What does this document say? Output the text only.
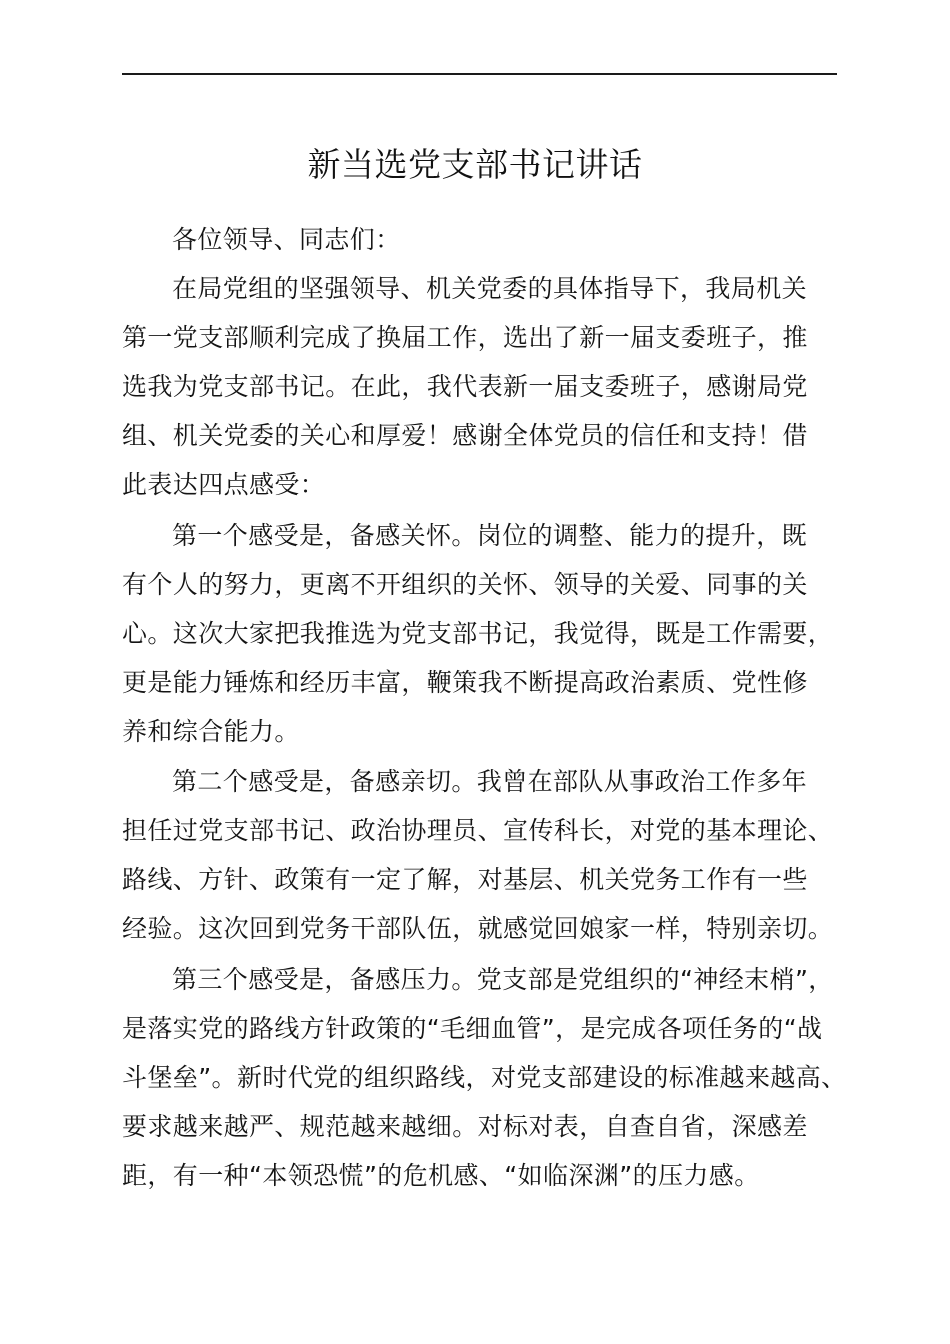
新当选党支部书记讲话
各位领导、同志们：
在局党组的坚强领导、机关党委的具体指导下，我局机关
第一党支部顺利完成了换届工作，选出了新一届支委班子，推
选我为党支部书记。在此，我代表新一届支委班子，感谢局党
组、机关党委的关心和厚爱！感谢全体党员的信任和支持！借
此表达四点感受：
第一个感受是，备感关怀。岗位的调整、能力的提升，既
有个人的努力，更离不开组织的关怀、领导的关爱、同事的关
心。这次大家把我推选为党支部书记，我觉得，既是工作需要，
更是能力锤炼和经历丰富，鞭策我不断提高政治素质、党性修
养和综合能力。
第二个感受是，备感亲切。我曾在部队从事政治工作多年
担任过党支部书记、政治协理员、宣传科长，对党的基本理论、
路线、方针、政策有一定了解，对基层、机关党务工作有一些
经验。这次回到党务干部队伍，就感觉回娘家一样，特别亲切。
第三个感受是，备感压力。党支部是党组织的“神经末梢”，
是落实党的路线方针政策的“毛细血管”，是完成各项任务的“战
斗堡垒”。新时代党的组织路线，对党支部建设的标准越来越高、
要求越来越严、规范越来越细。对标对表，自查自省，深感差
距，有一种“本领恐慌”的危机感、“如临深渊”的压力感。
